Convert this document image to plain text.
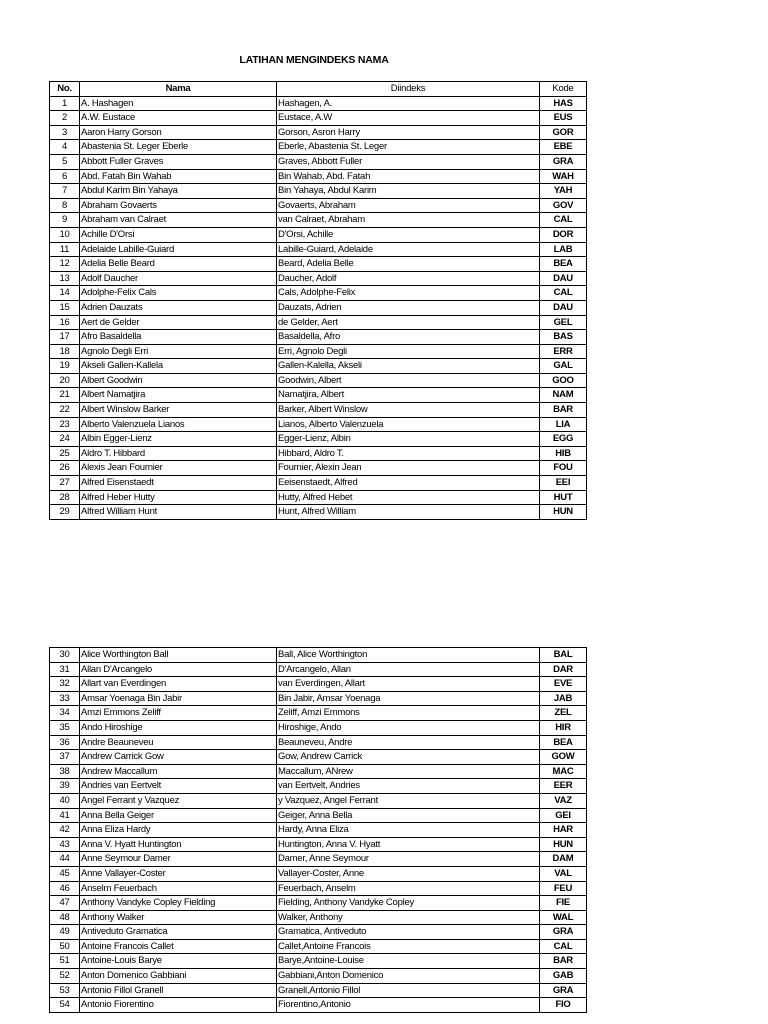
LATIHAN MENGINDEKS NAMA
No.	Nama	Diindeks	Kode
1	A. Hashagen	Hashagen, A.	HAS
2	A.W. Eustace	Eustace, A.W	EUS
3	Aaron Harry Gorson	Gorson, Asron Harry	GOR
4	Abastenia St. Leger Eberle	Eberle, Abastenia St. Leger	EBE
5	Abbott Fuller Graves	Graves, Abbott Fuller	GRA
6	Abd. Fatah Bin Wahab	Bin Wahab, Abd. Fatah	WAH
7	Abdul Karim Bin Yahaya	Bin Yahaya, Abdul Karim	YAH
8	Abraham Govaerts	Govaerts, Abraham	GOV
9	Abraham van Calraet	van Calraet, Abraham	CAL
10	Achille D'Orsi	D'Orsi, Achille	DOR
11	Adelaide Labille-Guiard	Labille-Guiard, Adelaide	LAB
12	Adelia Belle Beard	Beard, Adelia Belle	BEA
13	Adolf Daucher	Daucher, Adolf	DAU
14	Adolphe-Felix Cals	Cals, Adolphe-Felix	CAL
15	Adrien Dauzats	Dauzats, Adrien	DAU
16	Aert de Gelder	de Gelder, Aert	GEL
17	Afro Basaldella	Basaldella, Afro	BAS
18	Agnolo Degli Erri	Erri, Agnolo Degli	ERR
19	Akseli Gallen-Kallela	Gallen-Kalella, Akseli	GAL
20	Albert Goodwin	Goodwin, Albert	GOO
21	Albert Namatjira	Namatjira, Albert	NAM
22	Albert Winslow Barker	Barker, Albert Winslow	BAR
23	Alberto Valenzuela Lianos	Lianos, Alberto Valenzuela	LIA
24	Albin Egger-Lienz	Egger-Lienz, Albin	EGG
25	Aldro T. Hibbard	Hibbard, Aldro T.	HIB
26	Alexis Jean Fournier	Fournier, Alexin Jean	FOU
27	Alfred Eisenstaedt	Eeisenstaedt, Alfred	EEI
28	Alfred Heber Hutty	Hutty, Alfred Hebet	HUT
29	Alfred William Hunt	Hunt, Alfred William	HUN
30	Alice Worthington Ball	Ball, Alice Worthington	BAL
31	Allan D'Arcangelo	D'Arcangelo, Allan	DAR
32	Allart van Everdingen	van Everdingen, Allart	EVE
33	Amsar Yoenaga Bin Jabir	Bin Jabir, Amsar Yoenaga	JAB
34	Amzi Emmons Zeliff	Zeliff, Amzi Emmons	ZEL
35	Ando Hiroshige	Hiroshige, Ando	HIR
36	Andre Beauneveu	Beauneveu, Andre	BEA
37	Andrew Carrick Gow	Gow, Andrew Carrick	GOW
38	Andrew Maccallum	Maccallum, ANrew	MAC
39	Andries van Eertvelt	van Eertvelt, Andries	EER
40	Angel Ferrant y Vazquez	y Vazquez, Angel Ferrant	VAZ
41	Anna Bella Geiger	Geiger, Anna Bella	GEI
42	Anna Eliza Hardy	Hardy, Anna Eliza	HAR
43	Anna V. Hyatt Huntington	Huntington, Anna V. Hyatt	HUN
44	Anne Seymour Damer	Damer, Anne Seymour	DAM
45	Anne Vallayer-Coster	Vallayer-Coster, Anne	VAL
46	Anselm Feuerbach	Feuerbach, Anselm	FEU
47	Anthony Vandyke Copley Fielding	Fielding, Anthony Vandyke Copley	FIE
48	Anthony Walker	Walker, Anthony	WAL
49	Antiveduto Gramatica	Gramatica, Antiveduto	GRA
50	Antoine Francois Callet	Callet,Antoine Francois	CAL
51	Antoine-Louis Barye	Barye,Antoine-Louise	BAR
52	Anton Domenico Gabbiani	Gabbiani,Anton Domenico	GAB
53	Antonio Fillol Granell	Granell,Antonio Fillol	GRA
54	Antonio Fiorentino	Fiorentino,Antonio	FIO
